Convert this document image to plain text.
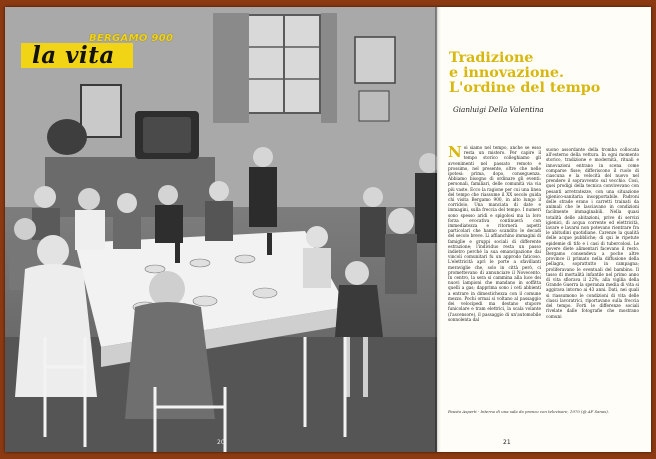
BERGAMO 900
la vita
20
Tradizione
e innovazione.
L'ordine del tempo
Gianluigi Della Valentina

Noi siamo nel tempo, anche se esso resta un mistero. Per capire il tempo storico colleghiamo gli avvenimenti nel passato remoto e prossimo, nel presente, oltre che nelle ipotesi: prima, dopo, conseguenza. Abbiamo bisogno di ordinare gli eventi: personali, familiari, delle comunità via via più vaste. Ecco la ragione per cui una linea del tempo che riassume il XX secolo guida chi visita Bergamo 900, in alto lungo il corridoio. Una manciata di date e immagini, sulla freccia del tempo. I numeri sono spesso aridi e spigolosi ma la loro forza evocativa continuerà con immediatezza e ritornerà aspetti particolari che hanno scandito le decadi del secolo breve. Li affianchino immagini di famiglie e gruppi sociali di differente estrazione; l'individuo resta un passo indietro perché la sua emancipazione dai vincoli comunitari fu un approdo faticoso. L'elettricità aprì le porte a sfavillanti meraviglie che, solo in città però, ci promettevano di annunciare il Novecento. In centro, la sera si cammina alla luce dei nuovi lampioni che mandano in soffitta quelli a gas; dapprima sono i ceti abbienti a entrare in dimestichezza con il comune mezzo. Pochi ormai si voltano al passaggio dei velocipedi ma destano stupore funicolare e tram elettrici, la scala volante (l'ascensore), il passaggio di un'automobile sonnolenta dal

suono assordante della tromba collocata all'esterno della vettura. In ogni momento storico, tradizione e modernità, rituali e innovazioni entrano in scena come comparse fisse; differiscono il ruolo di ciascuna e la velocità del nuovo nel prendere il sopravvento sul vecchio. Così, quei prodigi della tecnica convivevano con pesanti arretratezze, con una situazione igienico-sanitaria insopportabile. Padroni delle strade erano i carretti trainati da animali che le lasciavano in condizioni facilmente immaginabili. Nella quasi totalità delle abitazioni, prive di servizi igienici, di acqua corrente ed elettricità, lavare e lavarsi non potevano rientrare fra le abitudini quotidiane. Carenze la qualità delle acque pubbliche; di qui le ripetute epidemie di tifo e i casi di tubercolosi. Le povere diete alimentari facevano il resto. Bergamo consendeva a poche altre province il primato nella diffusione della pellagra, soprattutto in campagna; proliferavano le eventuali del bambino. Il tasso di mortalità infantile nel primo anno di vita sfiorava il 22%; alla vigilia della Grande Guerra la speranza media di vita si aggirava intorno ai 43 anni. Dati, nei quali si riassumono le condizioni di vita delle classi lavoratrici, riportavano sulla freccia del tempo. Forti le differenze sociali rivelate dalle fotografie che mostrano comuni

Fausto Asperti - Interno di una sala da pranzo con televisore, 1970 (@ AF Sanas).

21
